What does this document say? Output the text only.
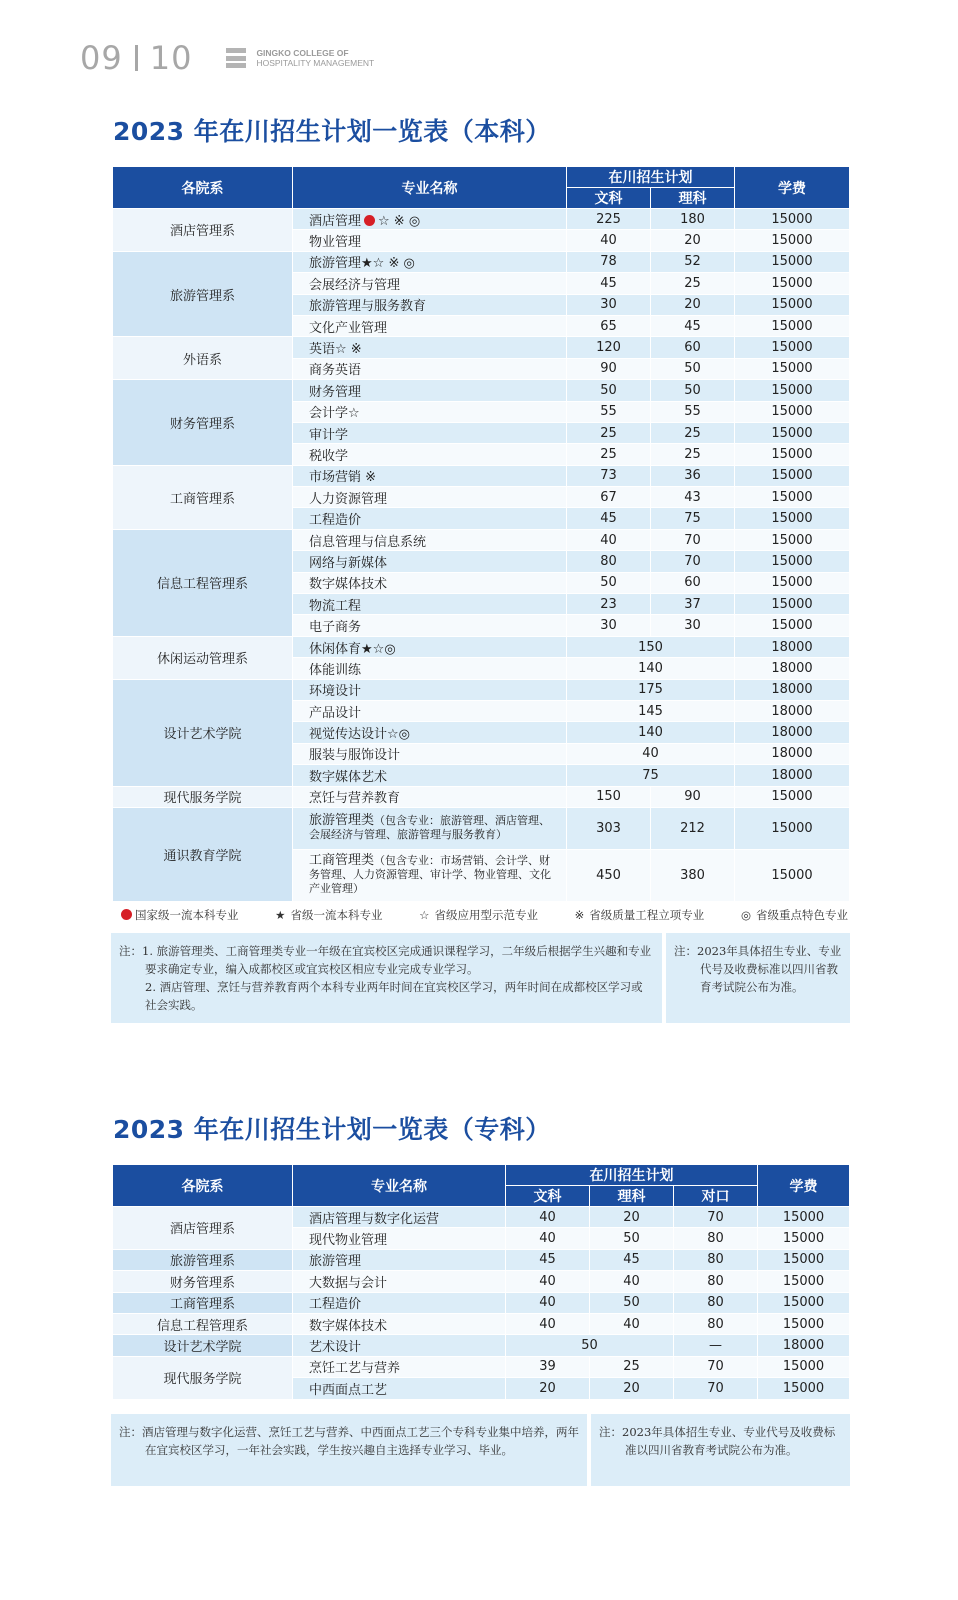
09 10	GINGKO COLLEGE OF
HOSPITALITY MANAGEMENT
2023 年在川招生计划一览表（本科）
各院系	专业名称	在川招生计划		学费
		文科	理科	
酒店管理系	酒店管理 ☆ ※ ◎	225	180	15000
	物业管理	40	20	15000
旅游管理系	旅游管理★☆ ※ ◎	78	52	15000
	会展经济与管理	45	25	15000
	旅游管理与服务教育	30	20	15000
	文化产业管理	65	45	15000
外语系	英语☆ ※	120	60	15000
	商务英语	90	50	15000
财务管理系	财务管理	50	50	15000
	会计学☆	55	55	15000
	审计学	25	25	15000
	税收学	25	25	15000
工商管理系	市场营销 ※	73	36	15000
	人力资源管理	67	43	15000
	工程造价	45	75	15000
信息工程管理系	信息管理与信息系统	40	70	15000
	网络与新媒体	80	70	15000
	数字媒体技术	50	60	15000
	物流工程	23	37	15000
	电子商务	30	30	15000
休闲运动管理系	休闲体育★☆◎	150		18000
	体能训练	140		18000
设计艺术学院	环境设计	175		18000
	产品设计	145		18000
	视觉传达设计☆◎	140		18000
	服装与服饰设计	40		18000
	数字媒体艺术	75		18000
现代服务学院	烹饪与营养教育	150	90	15000
通识教育学院	旅游管理类（包含专业：旅游管理、酒店管理、会展经济与管理、旅游管理与服务教育）	303	212	15000
	工商管理类（包含专业：市场营销、会计学、财务管理、人力资源管理、审计学、物业管理、文化产业管理）	450	380	15000
国家级一流本科专业	★ 省级一流本科专业	☆ 省级应用型示范专业	※ 省级质量工程立项专业	◎ 省级重点特色专业

注：1. 旅游管理类、工商管理类专业一年级在宜宾校区完成通识课程学习，二年级后根据学生兴趣和专业要求确定专业，编入成都校区或宜宾校区相应专业完成专业学习。

2. 酒店管理、烹饪与营养教育两个本科专业两年时间在宜宾校区学习，两年时间在成都校区学习或社会实践。

注：2023年具体招生专业、专业代号及收费标准以四川省教育考试院公布为准。

2023 年在川招生计划一览表（专科）
各院系	专业名称	在川招生计划			学费
		文科	理科	对口	
酒店管理系	酒店管理与数字化运营	40	20	70	15000
	现代物业管理	40	50	80	15000
旅游管理系	旅游管理	45	45	80	15000
财务管理系	大数据与会计	40	40	80	15000
工商管理系	工程造价	40	50	80	15000
信息工程管理系	数字媒体技术	40	40	80	15000
设计艺术学院	艺术设计	50		—	18000
现代服务学院	烹饪工艺与营养	39	25	70	15000
	中西面点工艺	20	20	70	15000

注：酒店管理与数字化运营、烹饪工艺与营养、中西面点工艺三个专科专业集中培养，两年在宜宾校区学习，一年社会实践，学生按兴趣自主选择专业学习、毕业。

注：2023年具体招生专业、专业代号及收费标准以四川省教育考试院公布为准。
